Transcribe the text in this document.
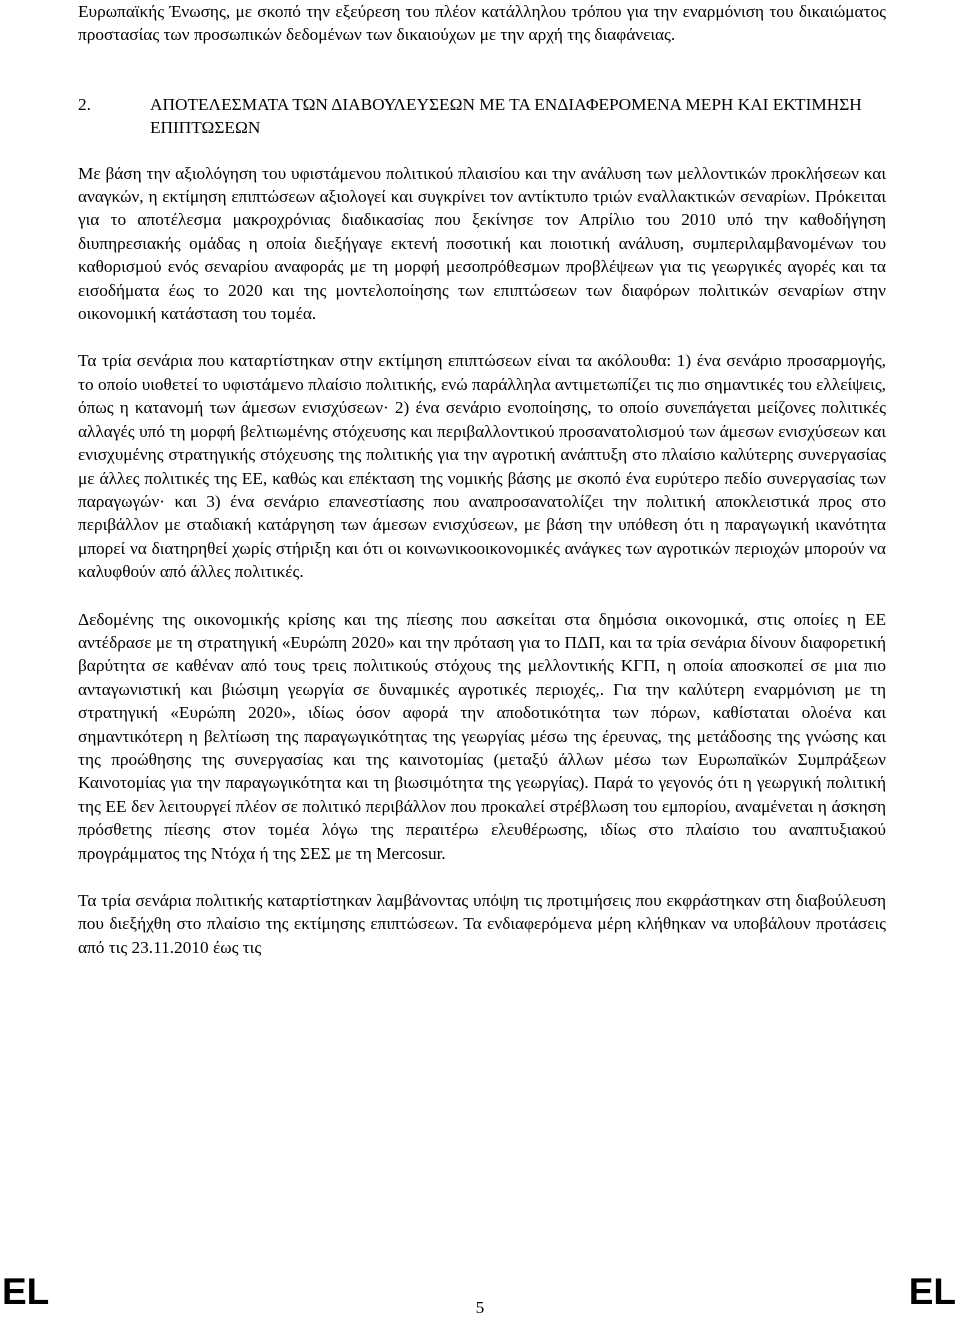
Ευρωπαϊκής Ένωσης, με σκοπό την εξεύρεση του πλέον κατάλληλου τρόπου για την εναρμόνιση του δικαιώματος προστασίας των προσωπικών δεδομένων των δικαιούχων με την αρχή της διαφάνειας.

2.	ΑΠΟΤΕΛΕΣΜΑΤΑ ΤΩΝ ΔΙΑΒΟΥΛΕΥΣΕΩΝ ΜΕ ΤΑ ΕΝΔΙΑΦΕΡΟΜΕΝΑ ΜΕΡΗ ΚΑΙ ΕΚΤΙΜΗΣΗ ΕΠΙΠΤΩΣΕΩΝ

Με βάση την αξιολόγηση του υφιστάμενου πολιτικού πλαισίου και την ανάλυση των μελλοντικών προκλήσεων και αναγκών, η εκτίμηση επιπτώσεων αξιολογεί και συγκρίνει τον αντίκτυπο τριών εναλλακτικών σεναρίων. Πρόκειται για το αποτέλεσμα μακροχρόνιας διαδικασίας που ξεκίνησε τον Απρίλιο του 2010 υπό την καθοδήγηση διυπηρεσιακής ομάδας η οποία διεξήγαγε εκτενή ποσοτική και ποιοτική ανάλυση, συμπεριλαμβανομένων του καθορισμού ενός σεναρίου αναφοράς με τη μορφή μεσοπρόθεσμων προβλέψεων για τις γεωργικές αγορές και τα εισοδήματα έως το 2020 και της μοντελοποίησης των επιπτώσεων των διαφόρων πολιτικών σεναρίων στην οικονομική κατάσταση του τομέα.

Τα τρία σενάρια που καταρτίστηκαν στην εκτίμηση επιπτώσεων είναι τα ακόλουθα: 1) ένα σενάριο προσαρμογής, το οποίο υιοθετεί το υφιστάμενο πλαίσιο πολιτικής, ενώ παράλληλα αντιμετωπίζει τις πιο σημαντικές του ελλείψεις, όπως η κατανομή των άμεσων ενισχύσεων· 2) ένα σενάριο ενοποίησης, το οποίο συνεπάγεται μείζονες πολιτικές αλλαγές υπό τη μορφή βελτιωμένης στόχευσης και περιβαλλοντικού προσανατολισμού των άμεσων ενισχύσεων και ενισχυμένης στρατηγικής στόχευσης της πολιτικής για την αγροτική ανάπτυξη στο πλαίσιο καλύτερης συνεργασίας με άλλες πολιτικές της ΕΕ, καθώς και επέκταση της νομικής βάσης με σκοπό ένα ευρύτερο πεδίο συνεργασίας των παραγωγών· και 3) ένα σενάριο επανεστίασης που αναπροσανατολίζει την πολιτική αποκλειστικά προς στο περιβάλλον με σταδιακή κατάργηση των άμεσων ενισχύσεων, με βάση την υπόθεση ότι η παραγωγική ικανότητα μπορεί να διατηρηθεί χωρίς στήριξη και ότι οι κοινωνικοοικονομικές ανάγκες των αγροτικών περιοχών μπορούν να καλυφθούν από άλλες πολιτικές.

Δεδομένης της οικονομικής κρίσης και της πίεσης που ασκείται στα δημόσια οικονομικά, στις οποίες η ΕΕ αντέδρασε με τη στρατηγική «Ευρώπη 2020» και την πρόταση για το ΠΔΠ, και τα τρία σενάρια δίνουν διαφορετική βαρύτητα σε καθέναν από τους τρεις πολιτικούς στόχους της μελλοντικής ΚΓΠ, η οποία αποσκοπεί σε μια πιο ανταγωνιστική και βιώσιμη γεωργία σε δυναμικές αγροτικές περιοχές,. Για την καλύτερη εναρμόνιση με τη στρατηγική «Ευρώπη 2020», ιδίως όσον αφορά την αποδοτικότητα των πόρων, καθίσταται ολοένα και σημαντικότερη η βελτίωση της παραγωγικότητας της γεωργίας μέσω της έρευνας, της μετάδοσης της γνώσης και της προώθησης της συνεργασίας και της καινοτομίας (μεταξύ άλλων μέσω των Ευρωπαϊκών Συμπράξεων Καινοτομίας για την παραγωγικότητα και τη βιωσιμότητα της γεωργίας). Παρά το γεγονός ότι η γεωργική πολιτική της ΕΕ δεν λειτουργεί πλέον σε πολιτικό περιβάλλον που προκαλεί στρέβλωση του εμπορίου, αναμένεται η άσκηση πρόσθετης πίεσης στον τομέα λόγω της περαιτέρω ελευθέρωσης, ιδίως στο πλαίσιο του αναπτυξιακού προγράμματος της Ντόχα ή της ΣΕΣ με τη Mercosur.

Τα τρία σενάρια πολιτικής καταρτίστηκαν λαμβάνοντας υπόψη τις προτιμήσεις που εκφράστηκαν στη διαβούλευση που διεξήχθη στο πλαίσιο της εκτίμησης επιπτώσεων. Τα ενδιαφερόμενα μέρη κλήθηκαν να υποβάλουν προτάσεις από τις 23.11.2010 έως τις

EL	5	EL
